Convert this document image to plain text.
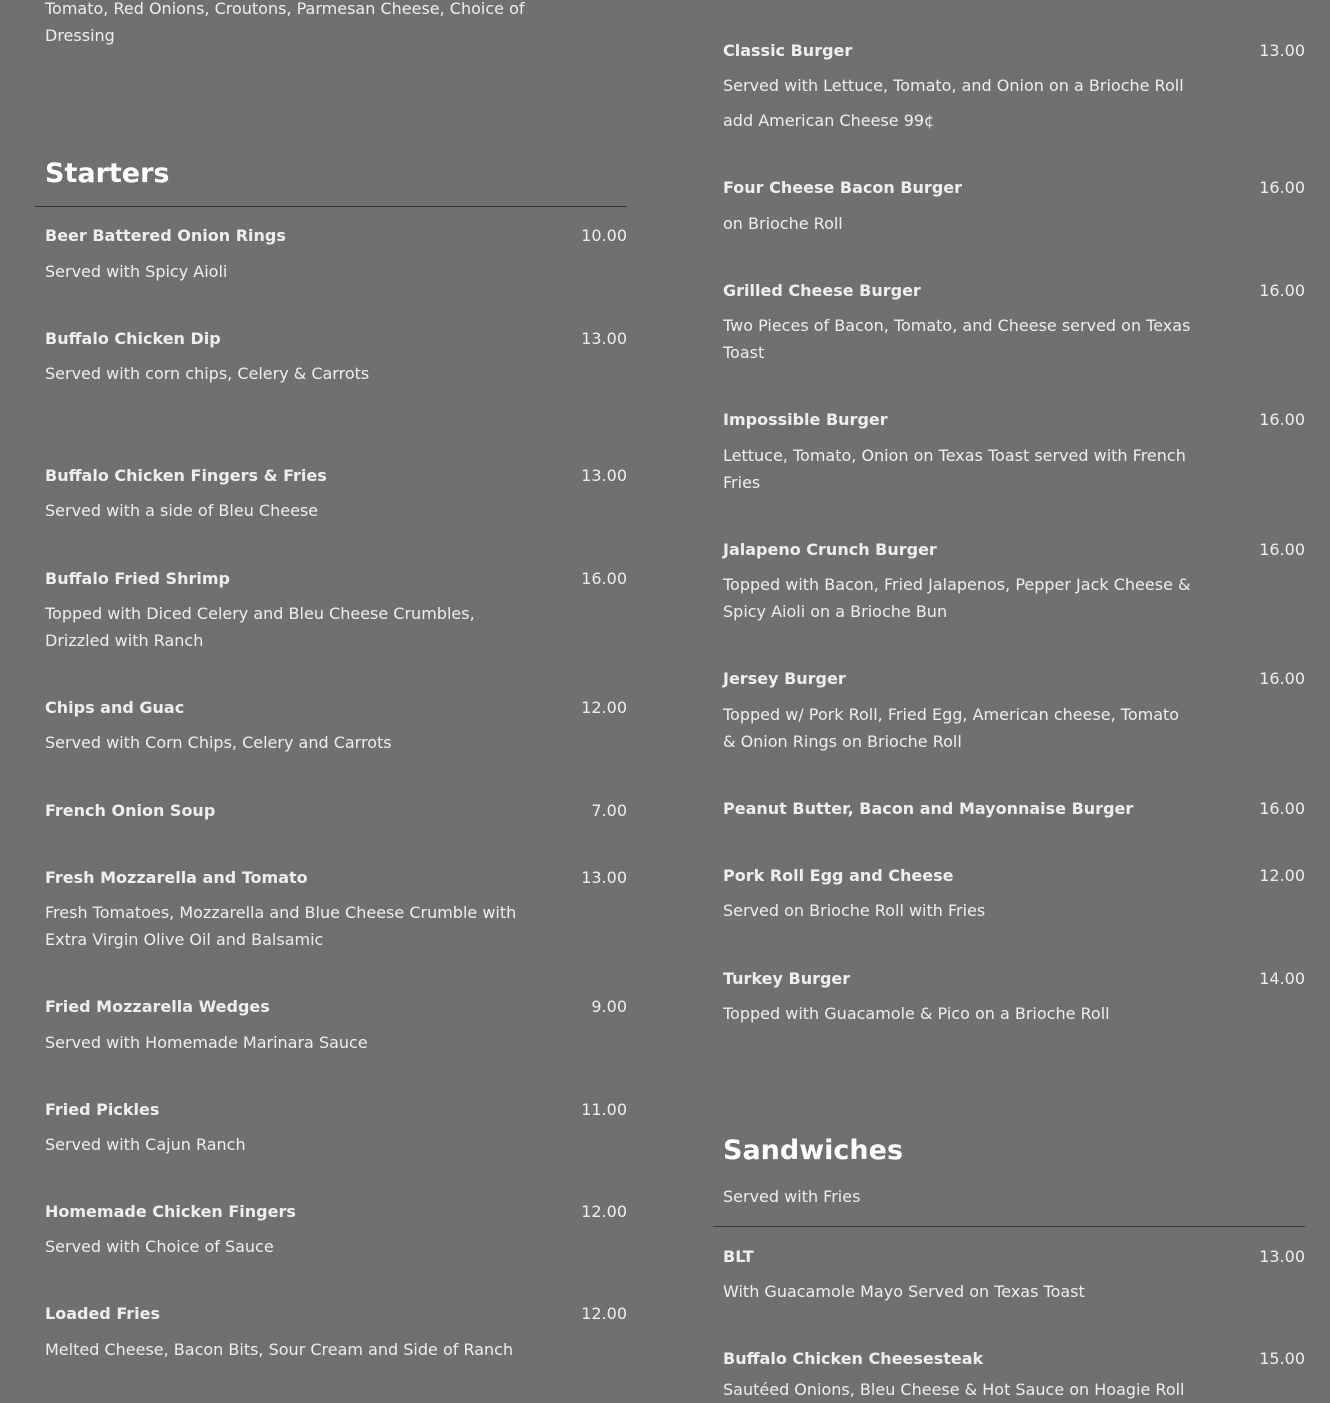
Tomato, Red Onions, Croutons, Parmesan Cheese, Choice of Dressing

Starters
Beer Battered Onion Rings	10.00

Served with Spicy Aioli

Buffalo Chicken Dip	13.00

Served with corn chips, Celery & Carrots

Buffalo Chicken Fingers & Fries	13.00

Served with a side of Bleu Cheese

Buffalo Fried Shrimp	16.00

Topped with Diced Celery and Bleu Cheese Crumbles, Drizzled with Ranch

Chips and Guac	12.00

Served with Corn Chips, Celery and Carrots

French Onion Soup	7.00
Fresh Mozzarella and Tomato	13.00

Fresh Tomatoes, Mozzarella and Blue Cheese Crumble with Extra Virgin Olive Oil and Balsamic

Fried Mozzarella Wedges	9.00

Served with Homemade Marinara Sauce

Fried Pickles	11.00

Served with Cajun Ranch

Homemade Chicken Fingers	12.00

Served with Choice of Sauce

Loaded Fries	12.00

Melted Cheese, Bacon Bits, Sour Cream and Side of Ranch

Classic Burger	13.00

Served with Lettuce, Tomato, and Onion on a Brioche Roll

add American Cheese 99¢

Four Cheese Bacon Burger	16.00

on Brioche Roll

Grilled Cheese Burger	16.00

Two Pieces of Bacon, Tomato, and Cheese served on Texas Toast

Impossible Burger	16.00

Lettuce, Tomato, Onion on Texas Toast served with French Fries

Jalapeno Crunch Burger	16.00

Topped with Bacon, Fried Jalapenos, Pepper Jack Cheese & Spicy Aioli on a Brioche Bun

Jersey Burger	16.00

Topped w/ Pork Roll, Fried Egg, American cheese, Tomato & Onion Rings on Brioche Roll

Peanut Butter, Bacon and Mayonnaise Burger	16.00
Pork Roll Egg and Cheese	12.00

Served on Brioche Roll with Fries

Turkey Burger	14.00

Topped with Guacamole & Pico on a Brioche Roll

Sandwiches

Served with Fries

BLT	13.00

With Guacamole Mayo Served on Texas Toast

Buffalo Chicken Cheesesteak	15.00

Sautéed Onions, Bleu Cheese & Hot Sauce on Hoagie Roll
